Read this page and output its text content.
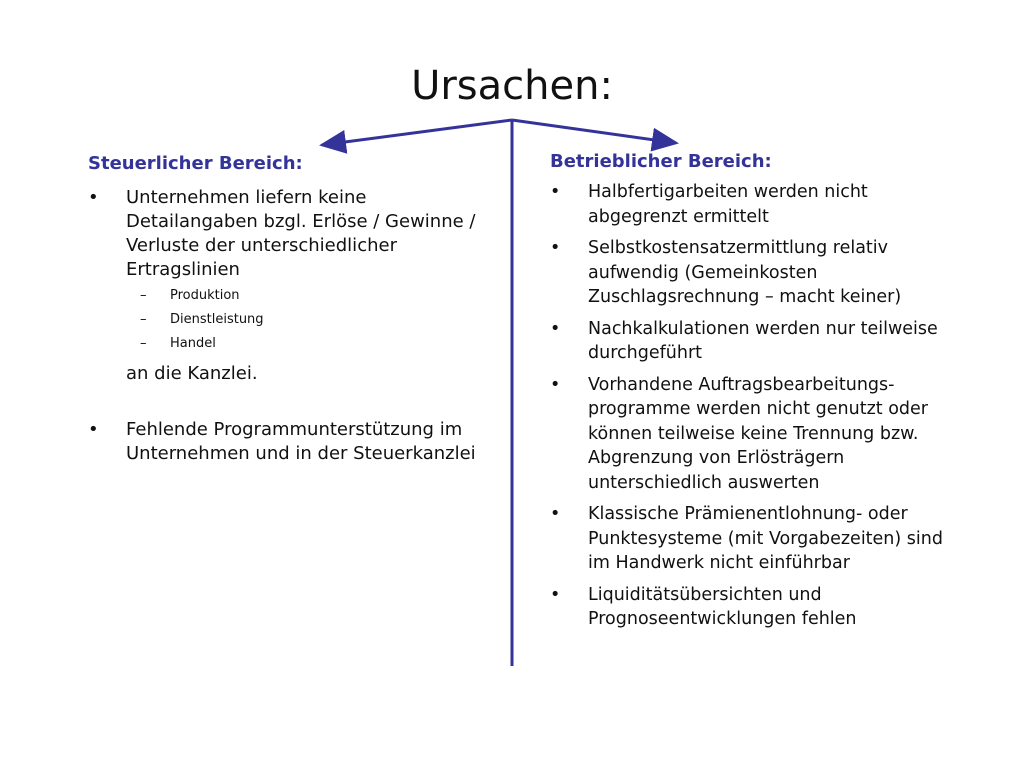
Ursachen:
Steuerlicher Bereich:
•	Unternehmen liefern keine Detailangaben bzgl. Erlöse / Gewinne / Verluste der unterschiedlicher Ertragslinien
– Produktion
– Dienstleistung
– Handel

an die Kanzlei.

•	Fehlende Programmunterstützung im Unternehmen und in der Steuerkanzlei
Betrieblicher Bereich:
•	Halbfertigarbeiten werden nicht abgegrenzt ermittelt
•	Selbstkostensatzermittlung relativ aufwendig (Gemeinkosten Zuschlagsrechnung – macht keiner)
•	Nachkalkulationen werden nur teilweise durchgeführt
•	Vorhandene Auftragsbearbeitungs-programme werden nicht genutzt oder können teilweise keine Trennung bzw. Abgrenzung von Erlösträgern unterschiedlich auswerten
•	Klassische Prämienentlohnung- oder Punktesysteme (mit Vorgabezeiten) sind im Handwerk nicht einführbar
•	Liquiditätsübersichten und Prognoseentwicklungen fehlen
